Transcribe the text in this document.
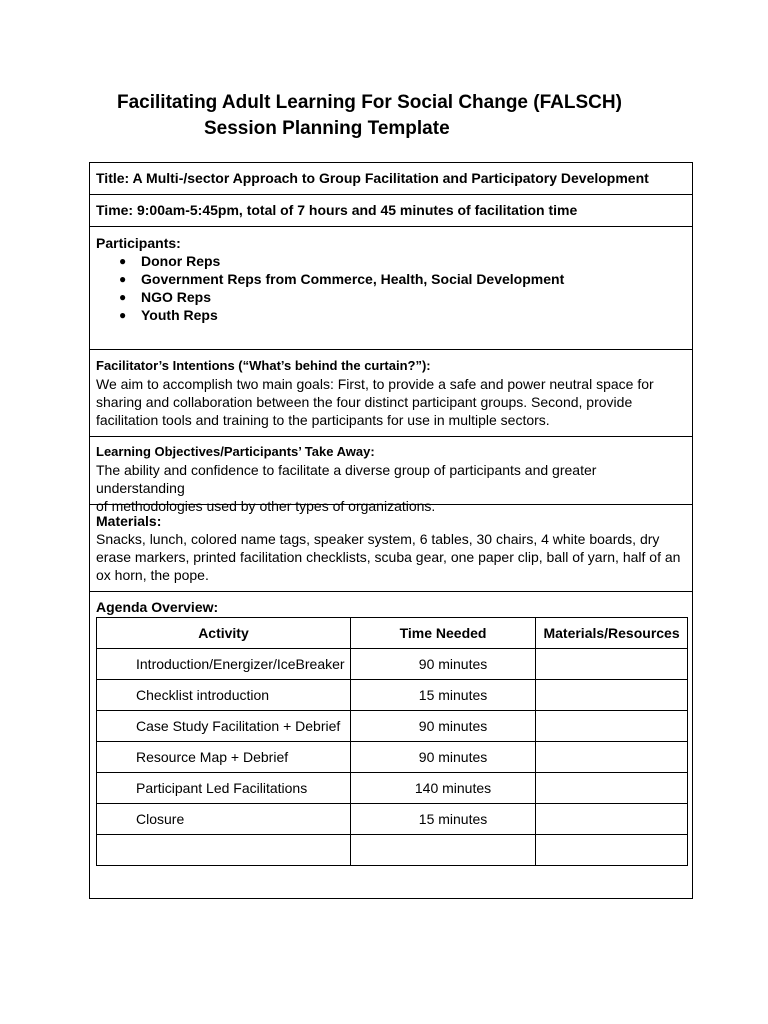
Facilitating Adult Learning For Social Change (FALSCH)
Session Planning Template
Title: A Multi-/sector Approach to Group Facilitation and Participatory Development
Time: 9:00am-5:45pm, total of 7 hours and 45 minutes of facilitation time
Participants:
● Donor Reps
● Government Reps from Commerce, Health, Social Development
● NGO Reps
● Youth Reps
Facilitator’s Intentions (“What’s behind the curtain?”):
We aim to accomplish two main goals: First, to provide a safe and power neutral space for
sharing and collaboration between the four distinct participant groups. Second, provide
facilitation tools and training to the participants for use in multiple sectors.
Learning Objectives/Participants’ Take Away:
The ability and confidence to facilitate a diverse group of participants and greater understanding
of methodologies used by other types of organizations.
Materials:
Snacks, lunch, colored name tags, speaker system, 6 tables, 30 chairs, 4 white boards, dry
erase markers, printed facilitation checklists, scuba gear, one paper clip, ball of yarn, half of an
ox horn, the pope.
Agenda Overview:
Activity	Time Needed	Materials/Resources
Introduction/Energizer/IceBreaker	90 minutes	
Checklist introduction	15 minutes	
Case Study Facilitation + Debrief	90 minutes	
Resource Map + Debrief	90 minutes	
Participant Led Facilitations	140 minutes	
Closure	15 minutes	
